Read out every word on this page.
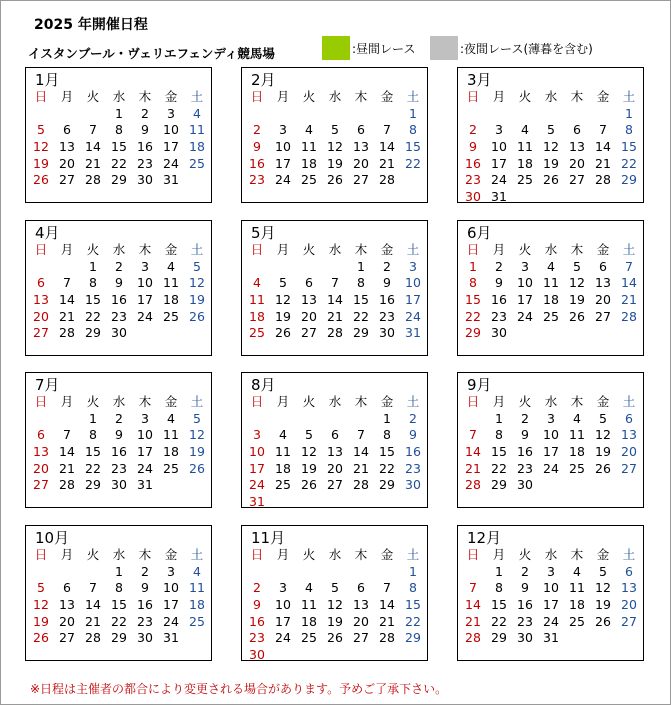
2025 年開催日程
イスタンブール・ヴェリエフェンディ競馬場	:昼間レース	:夜間レース(薄暮を含む)
1月
日	月	火	水	木	金	土
			1	2	3	4
5	6	7	8	9	10	11
12	13	14	15	16	17	18
19	20	21	22	23	24	25
26	27	28	29	30	31	
2月
日	月	火	水	木	金	土
						1
2	3	4	5	6	7	8
9	10	11	12	13	14	15
16	17	18	19	20	21	22
23	24	25	26	27	28	
3月
日	月	火	水	木	金	土
						1
2	3	4	5	6	7	8
9	10	11	12	13	14	15
16	17	18	19	20	21	22
23	24	25	26	27	28	29
30	31					
4月
日	月	火	水	木	金	土
		1	2	3	4	5
6	7	8	9	10	11	12
13	14	15	16	17	18	19
20	21	22	23	24	25	26
27	28	29	30			
5月
日	月	火	水	木	金	土
				1	2	3
4	5	6	7	8	9	10
11	12	13	14	15	16	17
18	19	20	21	22	23	24
25	26	27	28	29	30	31
6月
日	月	火	水	木	金	土
1	2	3	4	5	6	7
8	9	10	11	12	13	14
15	16	17	18	19	20	21
22	23	24	25	26	27	28
29	30					
7月
日	月	火	水	木	金	土
		1	2	3	4	5
6	7	8	9	10	11	12
13	14	15	16	17	18	19
20	21	22	23	24	25	26
27	28	29	30	31		
8月
日	月	火	水	木	金	土
					1	2
3	4	5	6	7	8	9
10	11	12	13	14	15	16
17	18	19	20	21	22	23
24	25	26	27	28	29	30
31						
9月
日	月	火	水	木	金	土
	1	2	3	4	5	6
7	8	9	10	11	12	13
14	15	16	17	18	19	20
21	22	23	24	25	26	27
28	29	30				
10月
日	月	火	水	木	金	土
			1	2	3	4
5	6	7	8	9	10	11
12	13	14	15	16	17	18
19	20	21	22	23	24	25
26	27	28	29	30	31	
11月
日	月	火	水	木	金	土
						1
2	3	4	5	6	7	8
9	10	11	12	13	14	15
16	17	18	19	20	21	22
23	24	25	26	27	28	29
30						
12月
日	月	火	水	木	金	土
	1	2	3	4	5	6
7	8	9	10	11	12	13
14	15	16	17	18	19	20
21	22	23	24	25	26	27
28	29	30	31			
※日程は主催者の都合により変更される場合があります。予めご了承下さい。
